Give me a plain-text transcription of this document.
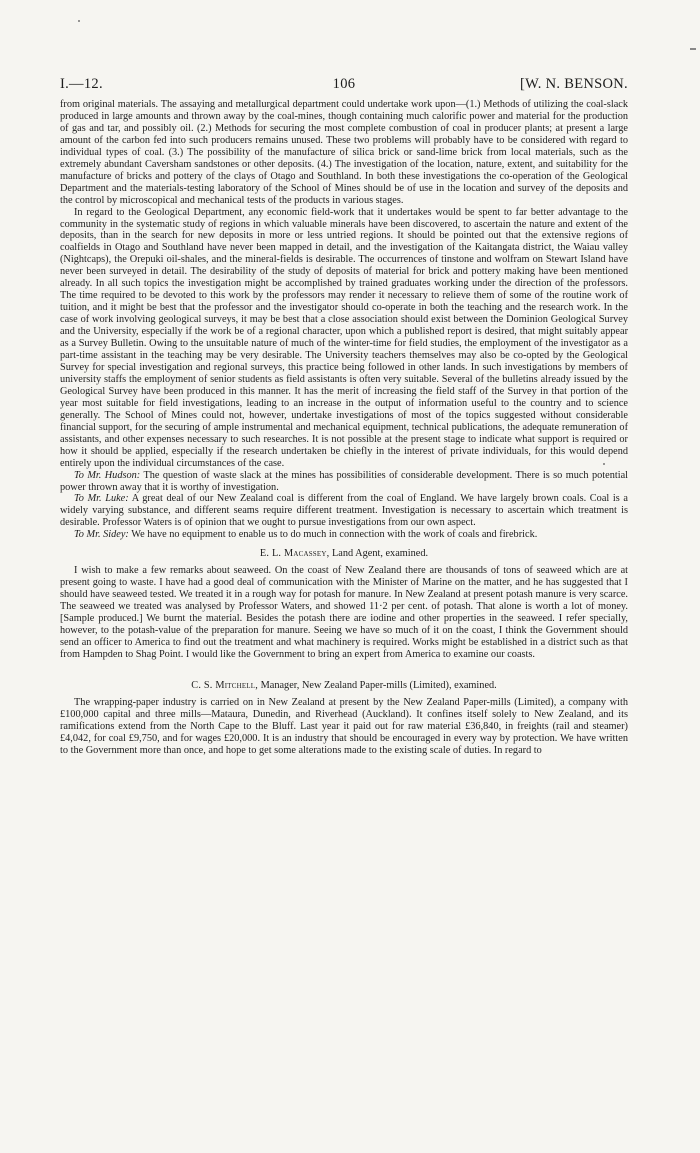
I.—12.	106	[W. N. BENSON.

from original materials. The assaying and metallurgical department could undertake work upon—(1.) Methods of utilizing the coal-slack produced in large amounts and thrown away by the coal-mines, though containing much calorific power and material for the production of gas and tar, and possibly oil. (2.) Methods for securing the most complete combustion of coal in producer plants; at present a large amount of the carbon fed into such producers remains unused. These two problems will probably have to be considered with regard to individual types of coal. (3.) The possibility of the manufacture of silica brick or sand-lime brick from local materials, such as the extremely abundant Caversham sandstones or other deposits. (4.) The investigation of the location, nature, extent, and suitability for the manufacture of bricks and pottery of the clays of Otago and Southland. In both these investigations the co-operation of the Geological Department and the materials-testing laboratory of the School of Mines should be of use in the location and survey of the deposits and the control by microscopical and mechanical tests of the products in various stages.

In regard to the Geological Department, any economic field-work that it undertakes would be spent to far better advantage to the community in the systematic study of regions in which valuable minerals have been discovered, to ascertain the nature and extent of the deposits, than in the search for new deposits in more or less untried regions. It should be pointed out that the extensive regions of coalfields in Otago and Southland have never been mapped in detail, and the investigation of the Kaitangata district, the Waiau valley (Nightcaps), the Orepuki oil-shales, and the mineral-fields is desirable. The occurrences of tinstone and wolfram on Stewart Island have never been surveyed in detail. The desirability of the study of deposits of material for brick and pottery making have been mentioned already. In all such topics the investigation might be accomplished by trained graduates working under the direction of the professors. The time required to be devoted to this work by the professors may render it necessary to relieve them of some of the routine work of tuition, and it might be best that the professor and the investigator should co-operate in both the teaching and the research work. In the case of work involving geological surveys, it may be best that a close association should exist between the Dominion Geological Survey and the University, especially if the work be of a regional character, upon which a published report is desired, that might suitably appear as a Survey Bulletin. Owing to the unsuitable nature of much of the winter-time for field studies, the employment of the investigator as a part-time assistant in the teaching may be very desirable. The University teachers themselves may also be co-opted by the Geological Survey for special investigation and regional surveys, this practice being followed in other lands. In such investigations by members of university staffs the employment of senior students as field assistants is often very suitable. Several of the bulletins already issued by the Geological Survey have been produced in this manner. It has the merit of increasing the field staff of the Survey in that portion of the year most suitable for field investigations, leading to an increase in the output of information useful to the country and to science generally. The School of Mines could not, however, undertake investigations of most of the topics suggested without considerable financial support, for the securing of ample instrumental and mechanical equipment, technical publications, the adequate remuneration of assistants, and other expenses necessary to such researches. It is not possible at the present stage to indicate what support is required or how it should be applied, especially if the research undertaken be chiefly in the interest of private individuals, for this would depend entirely upon the individual circumstances of the case.

To Mr. Hudson: The question of waste slack at the mines has possibilities of considerable development. There is so much potential power thrown away that it is worthy of investigation.

To Mr. Luke: A great deal of our New Zealand coal is different from the coal of England. We have largely brown coals. Coal is a widely varying substance, and different seams require different treatment. Investigation is necessary to ascertain which treatment is desirable. Professor Waters is of opinion that we ought to pursue investigations from our own aspect.

To Mr. Sidey: We have no equipment to enable us to do much in connection with the work of coals and firebrick.

E. L. Macassey, Land Agent, examined.

I wish to make a few remarks about seaweed. On the coast of New Zealand there are thousands of tons of seaweed which are at present going to waste. I have had a good deal of communication with the Minister of Marine on the matter, and he has suggested that I should have seaweed tested. We treated it in a rough way for potash for manure. In New Zealand at present potash manure is very scarce. The seaweed we treated was analysed by Professor Waters, and showed 11·2 per cent. of potash. That alone is worth a lot of money. [Sample produced.] We burnt the material. Besides the potash there are iodine and other properties in the seaweed. I refer specially, however, to the potash-value of the preparation for manure. Seeing we have so much of it on the coast, I think the Government should send an officer to America to find out the treatment and what machinery is required. Works might be established in a district such as that from Hampden to Shag Point. I would like the Government to bring an expert from America to examine our coasts.

C. S. Mitchell, Manager, New Zealand Paper-mills (Limited), examined.

The wrapping-paper industry is carried on in New Zealand at present by the New Zealand Paper-mills (Limited), a company with £100,000 capital and three mills—Mataura, Dunedin, and Riverhead (Auckland). It confines itself solely to New Zealand, and its ramifications extend from the North Cape to the Bluff. Last year it paid out for raw material £36,840, in freights (rail and steamer) £4,042, for coal £9,750, and for wages £20,000. It is an industry that should be encouraged in every way by protection. We have written to the Government more than once, and hope to get some alterations made to the existing scale of duties. In regard to
